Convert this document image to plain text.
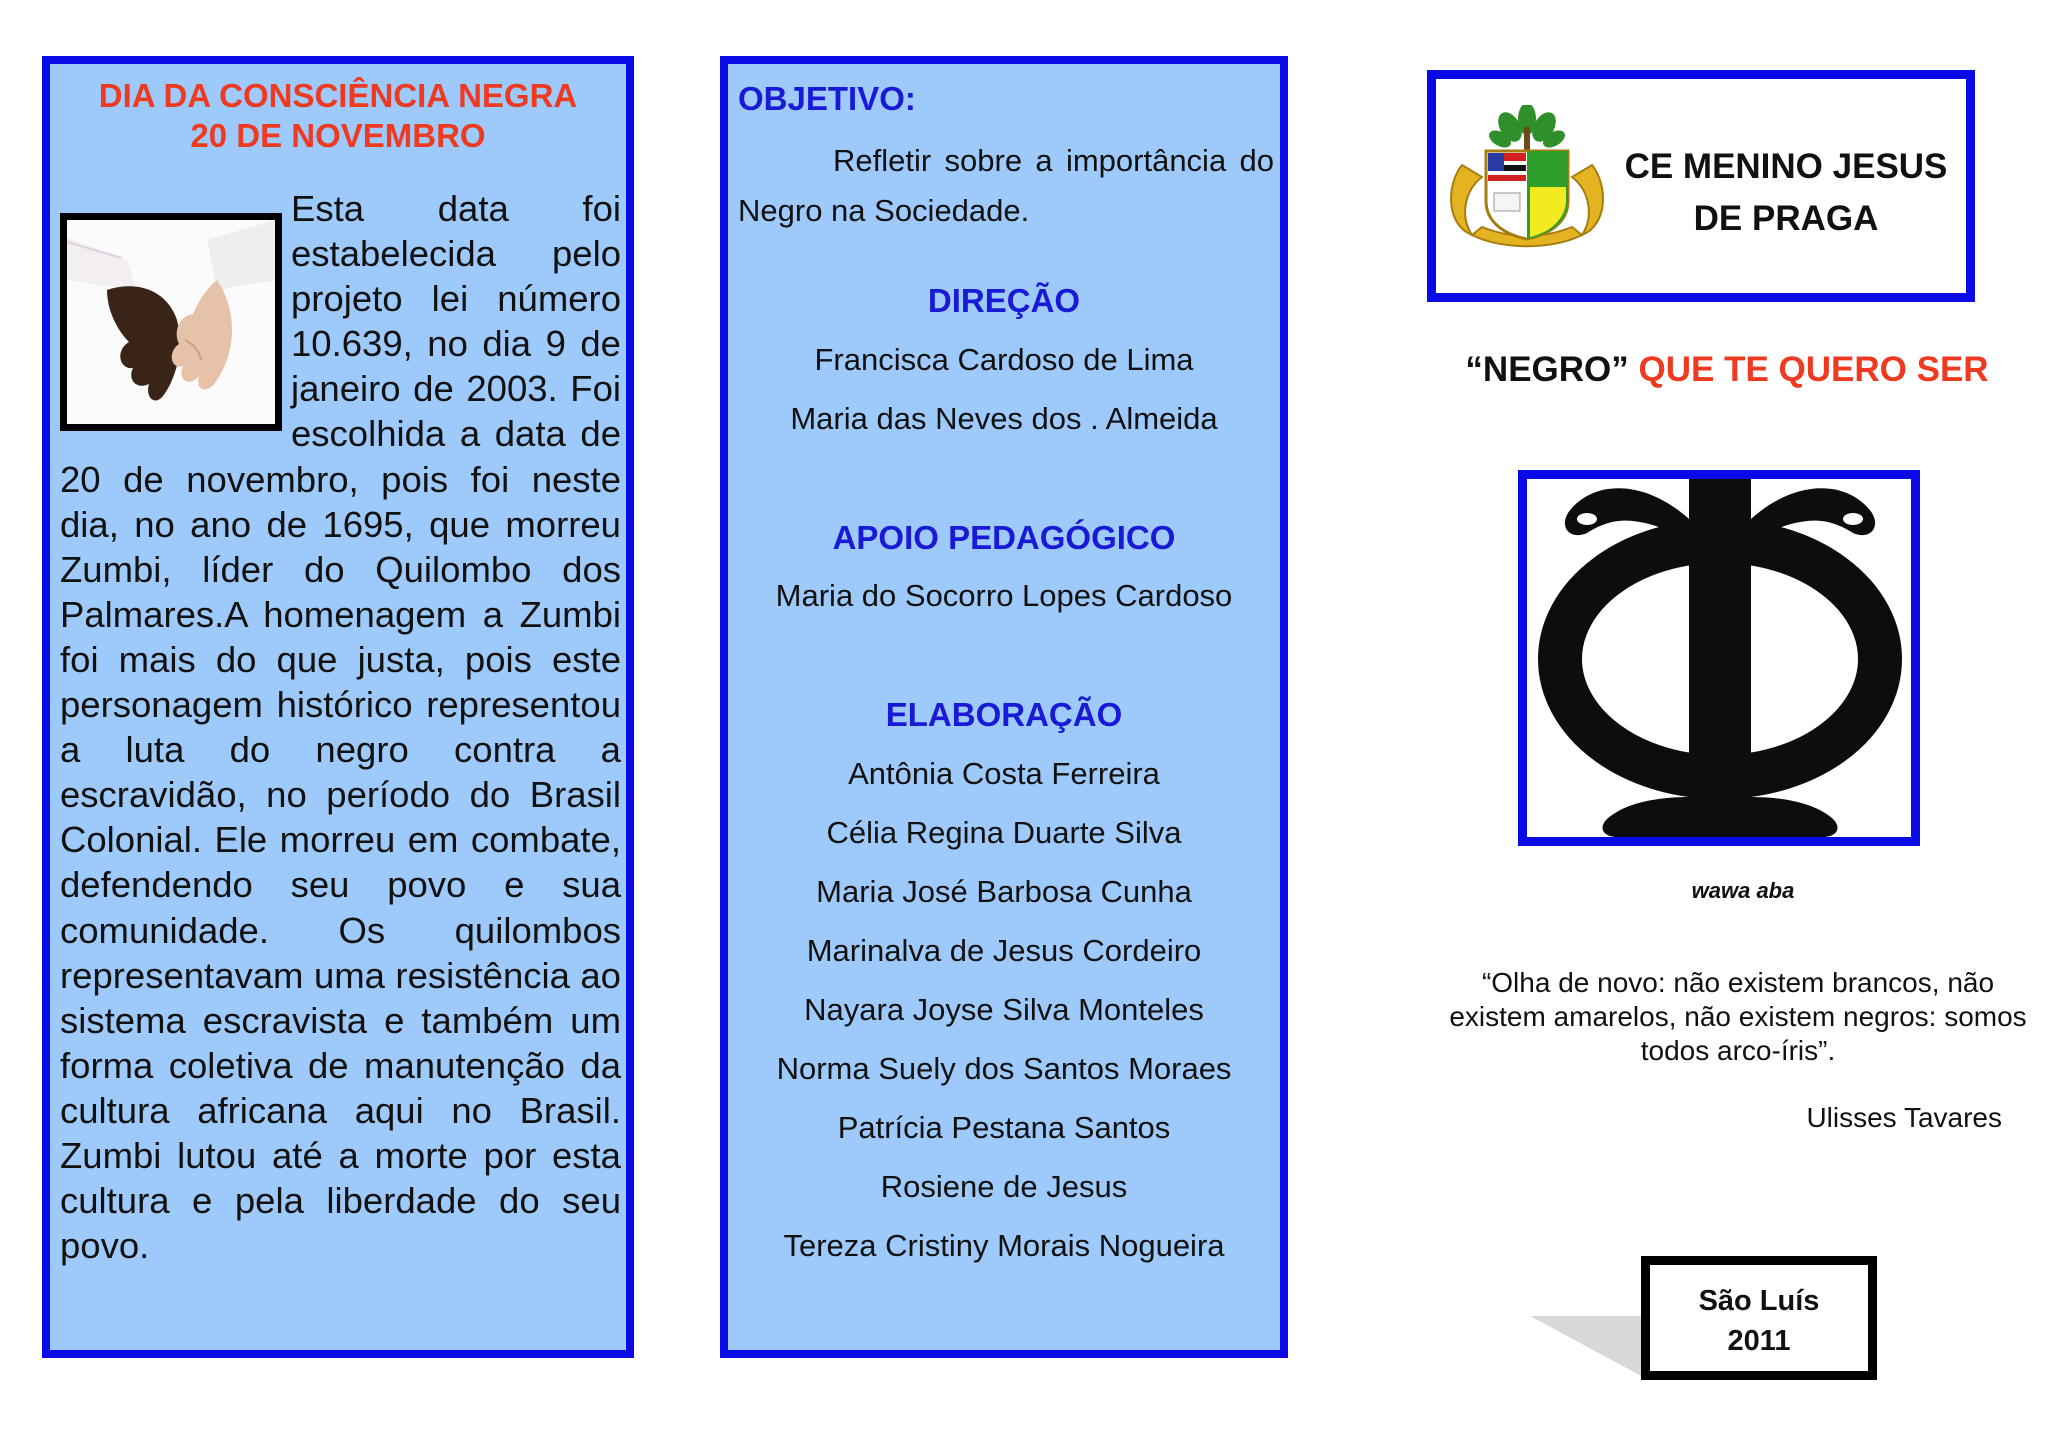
DIA DA CONSCIÊNCIA NEGRA
20 DE NOVEMBRO
Esta data foi estabelecida pelo projeto lei número 10.639, no dia 9 de janeiro de 2003. Foi escolhida a data de 20 de novembro, pois foi neste dia, no ano de 1695, que morreu Zumbi, líder do Quilombo dos Palmares.A homenagem a Zumbi foi mais do que justa, pois este personagem histórico representou a luta do negro contra a escravidão, no período do Brasil Colonial. Ele morreu em combate, defendendo seu povo e sua comunidade. Os quilombos representavam uma resistência ao sistema escravista e também um forma coletiva de manutenção da cultura africana aqui no Brasil. Zumbi lutou até a morte por esta cultura e pela liberdade do seu povo.
OBJETIVO:
Refletir sobre a importância do Negro na Sociedade.
DIREÇÃO
Francisca Cardoso de Lima
Maria das Neves dos . Almeida
APOIO PEDAGÓGICO
Maria do Socorro Lopes Cardoso
ELABORAÇÃO
Antônia Costa Ferreira
Célia Regina Duarte Silva
Maria José Barbosa Cunha
Marinalva de Jesus Cordeiro
Nayara Joyse Silva Monteles
Norma Suely dos Santos Moraes
Patrícia Pestana Santos
Rosiene de Jesus
Tereza Cristiny Morais Nogueira
CE MENINO JESUS
DE PRAGA
“NEGRO” QUE TE QUERO SER
wawa aba
“Olha de novo: não existem brancos, não existem amarelos, não existem negros: somos todos arco-íris”.
Ulisses Tavares
São Luís
2011
